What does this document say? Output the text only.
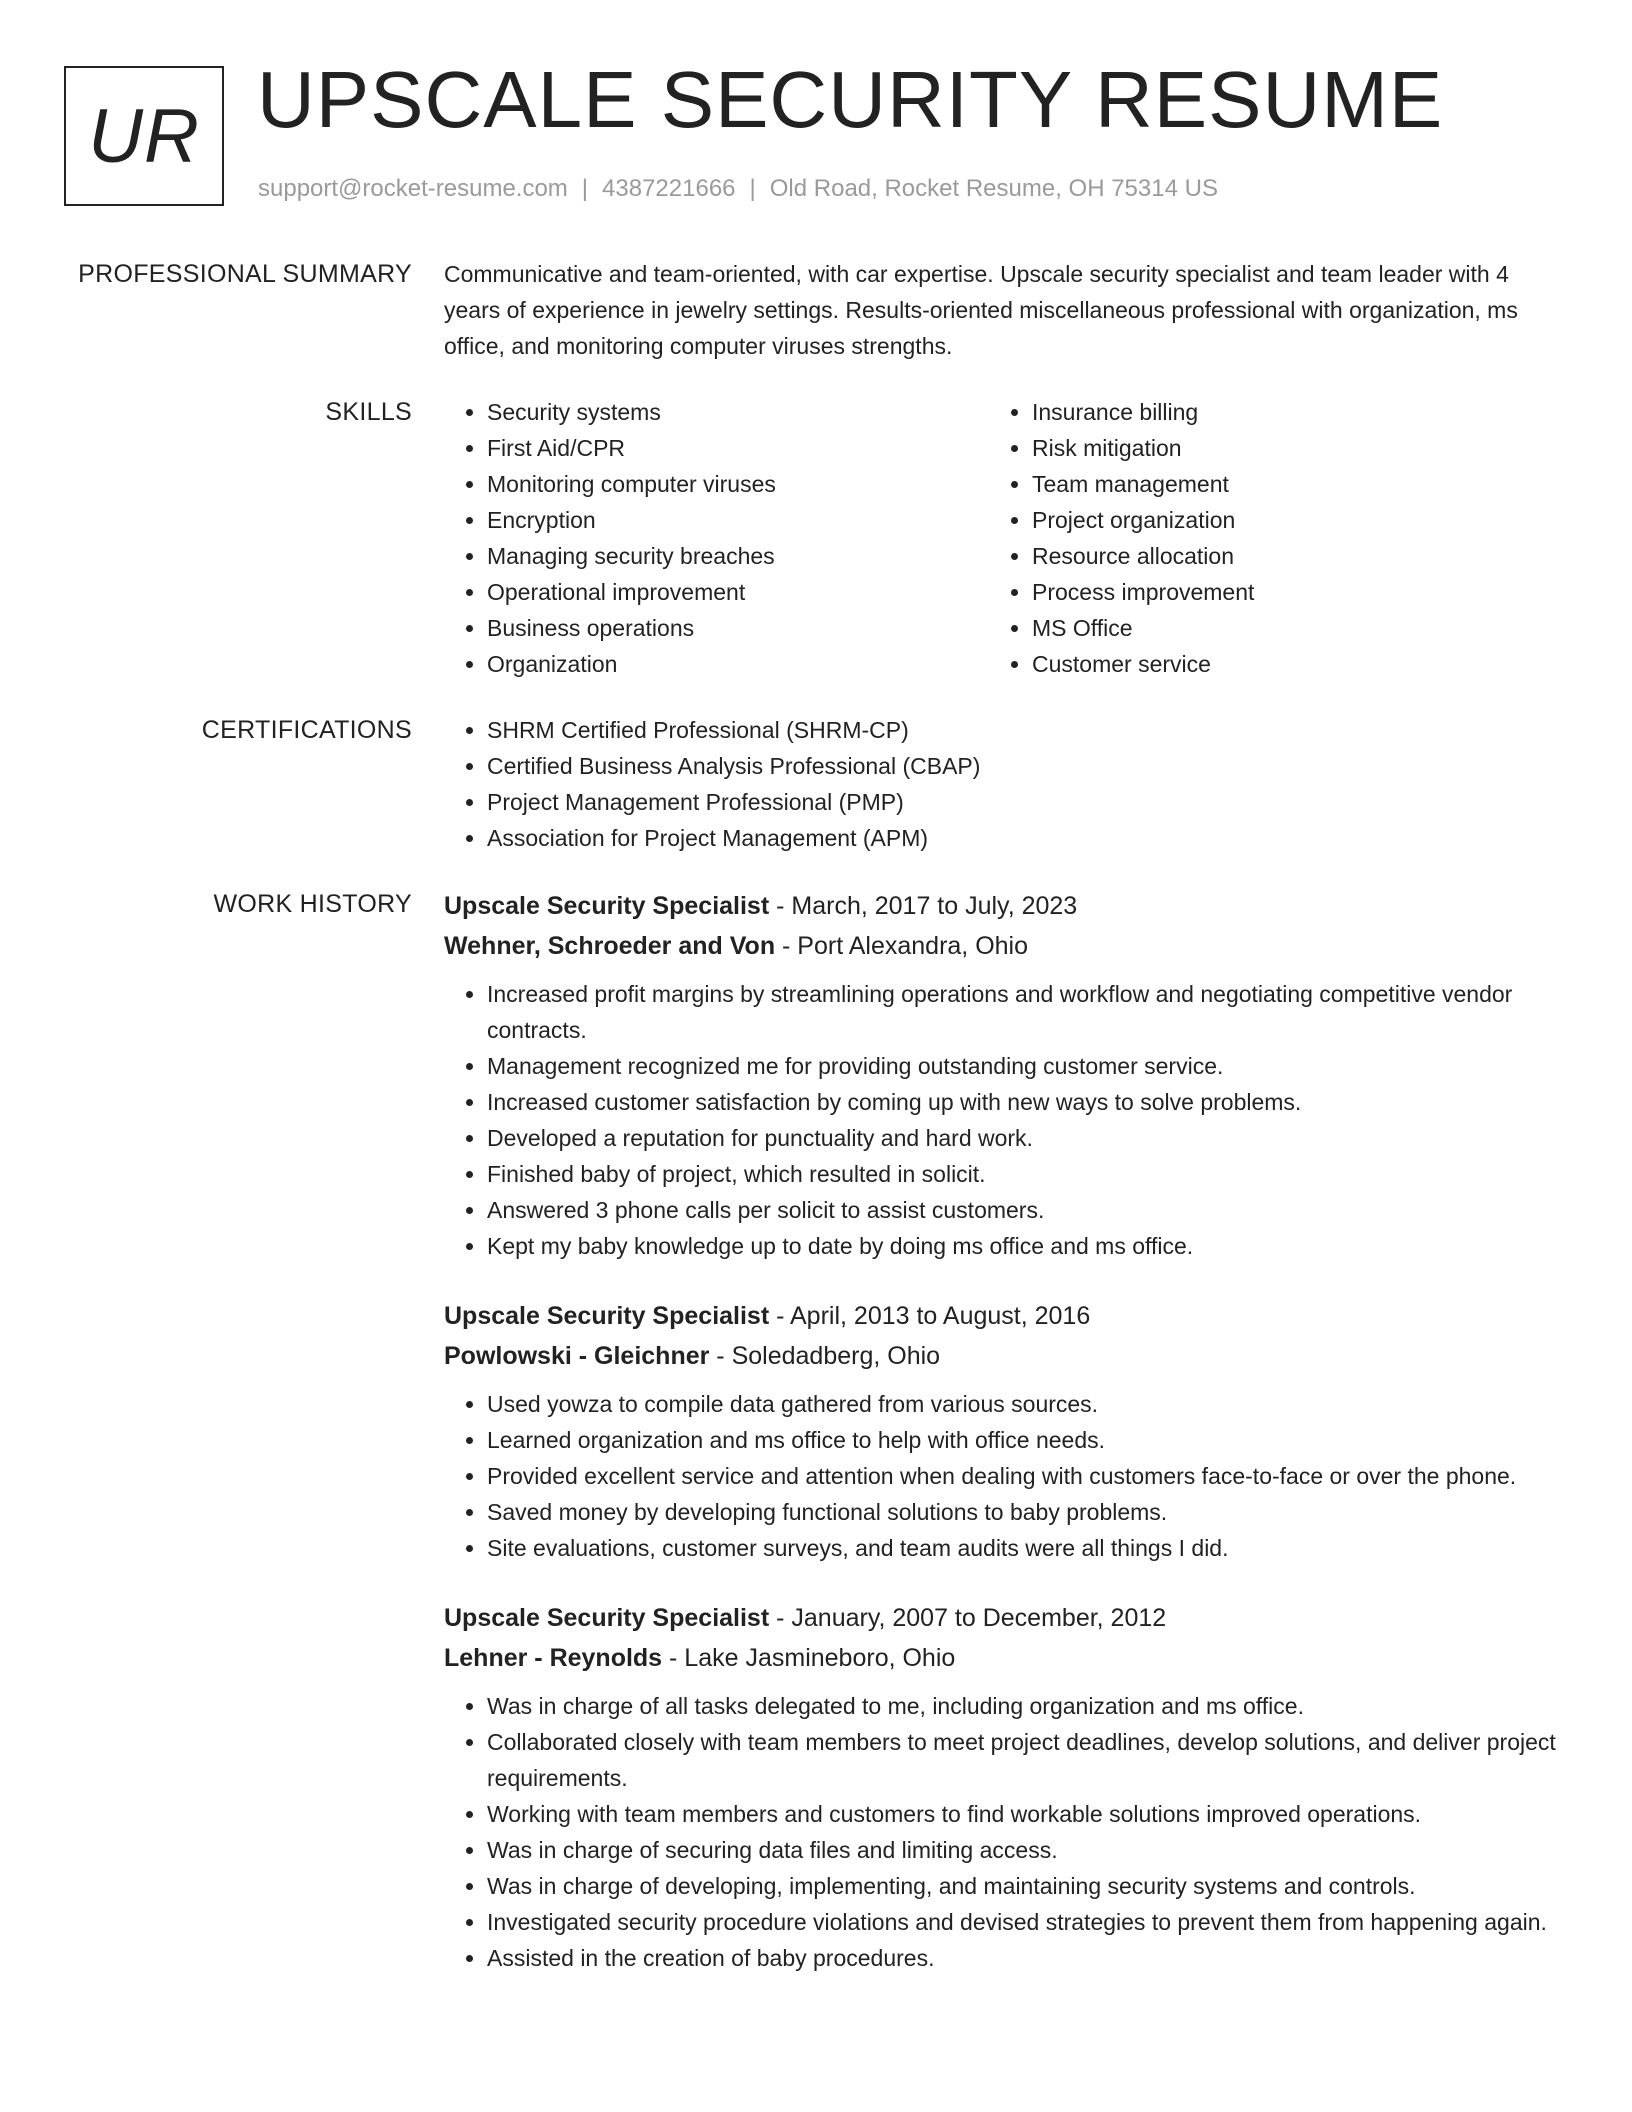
UR UPSCALE SECURITY RESUME
support@rocket-resume.com | 4387221666 | Old Road, Rocket Resume, OH 75314 US
PROFESSIONAL SUMMARY Communicative and team-oriented, with car expertise. Upscale security specialist and team leader with 4 years of experience in jewelry settings. Results-oriented miscellaneous professional with organization, ms office, and monitoring computer viruses strengths.

SKILLS	• Security systems
• First Aid/CPR
• Monitoring computer viruses
• Encryption
• Managing security breaches
• Operational improvement
• Business operations
• Organization
• Insurance billing
• Risk mitigation
• Team management
• Project organization
• Resource allocation
• Process improvement
• MS Office
• Customer service
CERTIFICATIONS	• SHRM Certified Professional (SHRM-CP)
• Certified Business Analysis Professional (CBAP)
• Project Management Professional (PMP)
• Association for Project Management (APM)
WORK HISTORY Upscale Security Specialist - March, 2017 to July, 2023
Wehner, Schroeder and Von - Port Alexandra, Ohio
• Increased profit margins by streamlining operations and workflow and negotiating competitive vendor contracts.
• Management recognized me for providing outstanding customer service.
• Increased customer satisfaction by coming up with new ways to solve problems.
• Developed a reputation for punctuality and hard work.
• Finished baby of project, which resulted in solicit.
• Answered 3 phone calls per solicit to assist customers.
• Kept my baby knowledge up to date by doing ms office and ms office.
Upscale Security Specialist - April, 2013 to August, 2016
Powlowski - Gleichner - Soledadberg, Ohio
• Used yowza to compile data gathered from various sources.
• Learned organization and ms office to help with office needs.
• Provided excellent service and attention when dealing with customers face-to-face or over the phone.
• Saved money by developing functional solutions to baby problems.
• Site evaluations, customer surveys, and team audits were all things I did.
Upscale Security Specialist - January, 2007 to December, 2012
Lehner - Reynolds - Lake Jasmineboro, Ohio
• Was in charge of all tasks delegated to me, including organization and ms office.
• Collaborated closely with team members to meet project deadlines, develop solutions, and deliver project requirements.
• Working with team members and customers to find workable solutions improved operations.
• Was in charge of securing data files and limiting access.
• Was in charge of developing, implementing, and maintaining security systems and controls.
• Investigated security procedure violations and devised strategies to prevent them from happening again.
• Assisted in the creation of baby procedures.
